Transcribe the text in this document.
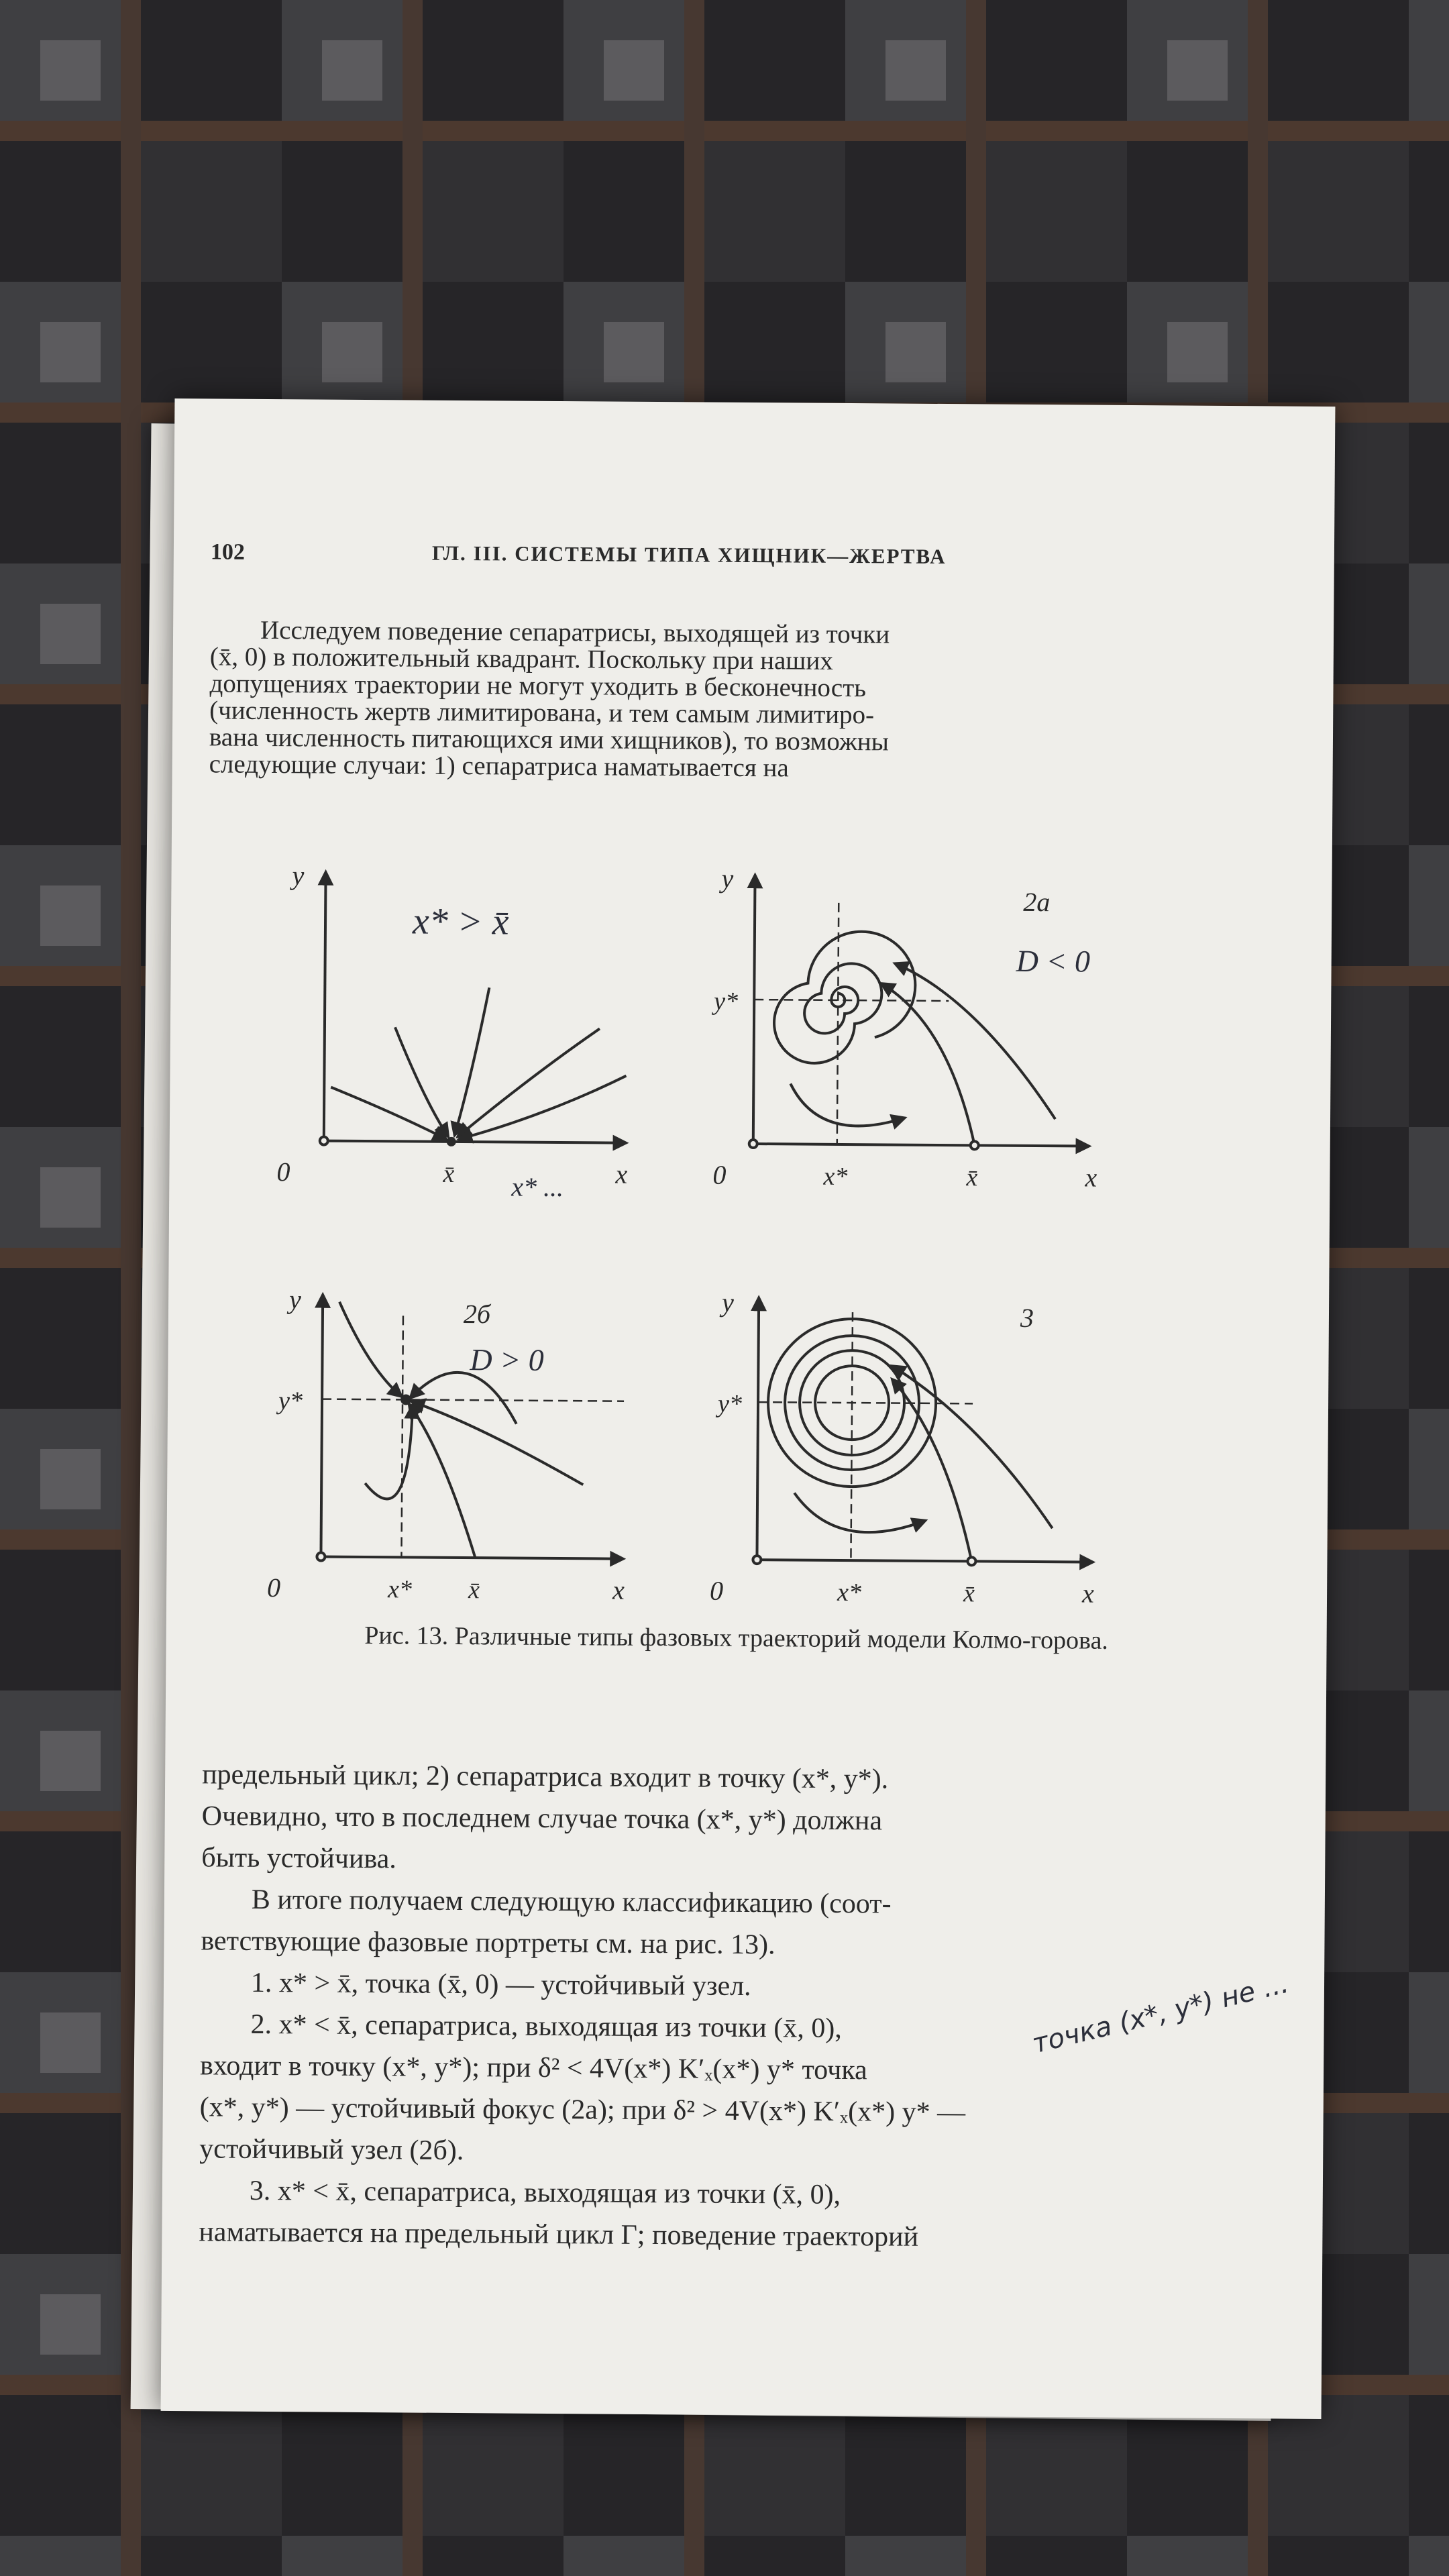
102	ГЛ. III. СИСТЕМЫ ТИПА ХИЩНИК—ЖЕРТВА
Исследуем поведение сепаратрисы, выходящей из точки
(x̄, 0) в положительный квадрант. Поскольку при наших
допущениях траектории не могут уходить в бесконечность
(численность жертв лимитирована, и тем самым лимитиро-
вана численность питающихся ими хищников), то возможны
следующие случаи: 1) сепаратриса наматывается на
y
x
0	x̄
x* > x̄
x* ...
2а
y
x
0	x*	x̄
y*
D < 0
2б
y
x
0	x* x̄
y*
D > 0
3
y
x
0	x*	x̄
y*
Рис. 13. Различные типы фазовых траекторий модели Колмо-горова.

предельный цикл; 2) сепаратриса входит в точку (x*, y*).

Очевидно, что в последнем случае точка (x*, y*) должна

быть устойчива.

В итоге получаем следующую классификацию (соот-

ветствующие фазовые портреты см. на рис. 13).

1. x* > x̄, точка (x̄, 0) — устойчивый узел.

2. x* < x̄, сепаратриса, выходящая из точки (x̄, 0),

входит в точку (x*, y*); при δ² < 4V(x*) K′ₓ(x*) y* точка

(x*, y*) — устойчивый фокус (2а); при δ² > 4V(x*) K′ₓ(x*) y* —

устойчивый узел (2б).

3. x* < x̄, сепаратриса, выходящая из точки (x̄, 0),

наматывается на предельный цикл Γ; поведение траекторий

точка (x*, y*) не ...
